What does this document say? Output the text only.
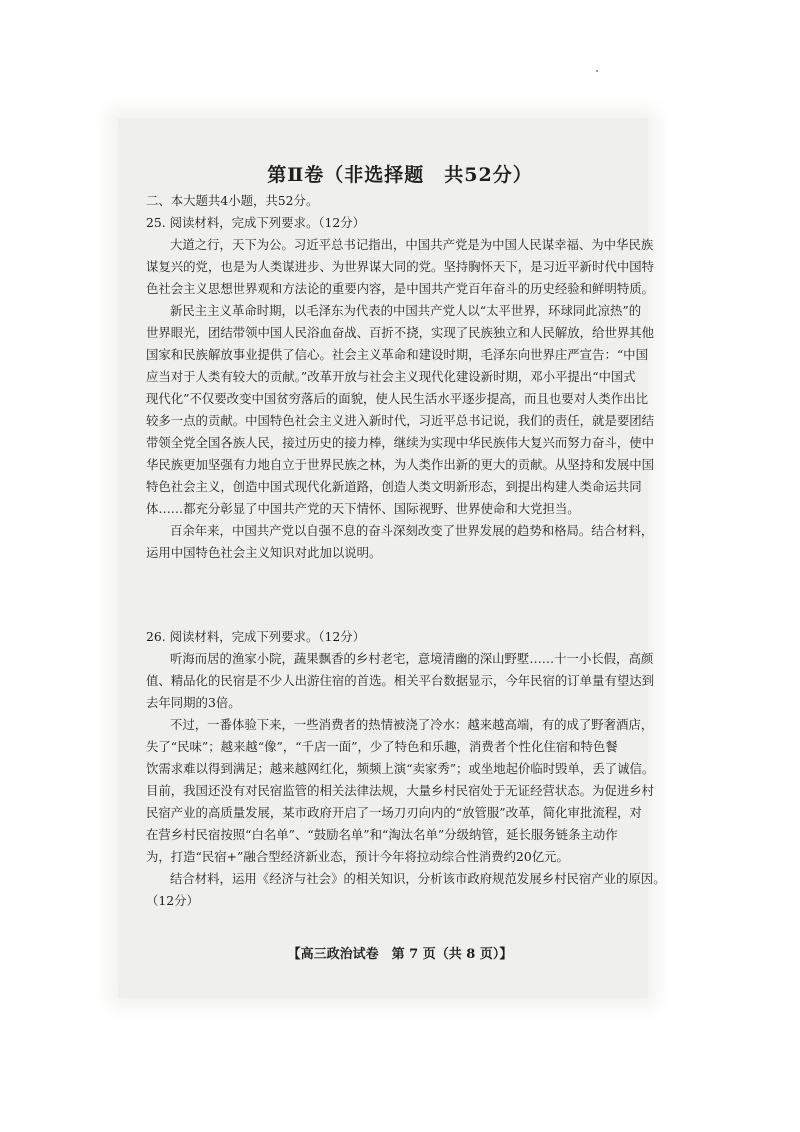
第Ⅱ卷（非选择题　共52分）
二、本大题共4小题，共52分。
25. 阅读材料，完成下列要求。（12分）
大道之行，天下为公。习近平总书记指出，中国共产党是为中国人民谋幸福、为中华民族
谋复兴的党，也是为人类谋进步、为世界谋大同的党。坚持胸怀天下，是习近平新时代中国特
色社会主义思想世界观和方法论的重要内容，是中国共产党百年奋斗的历史经验和鲜明特质。
新民主主义革命时期，以毛泽东为代表的中国共产党人以“太平世界，环球同此凉热”的
世界眼光，团结带领中国人民浴血奋战、百折不挠，实现了民族独立和人民解放，给世界其他
国家和民族解放事业提供了信心。社会主义革命和建设时期，毛泽东向世界庄严宣告：“中国
应当对于人类有较大的贡献。”改革开放与社会主义现代化建设新时期，邓小平提出“中国式
现代化”不仅要改变中国贫穷落后的面貌，使人民生活水平逐步提高，而且也要对人类作出比
较多一点的贡献。中国特色社会主义进入新时代，习近平总书记说，我们的责任，就是要团结
带领全党全国各族人民，接过历史的接力棒，继续为实现中华民族伟大复兴而努力奋斗，使中
华民族更加坚强有力地自立于世界民族之林，为人类作出新的更大的贡献。从坚持和发展中国
特色社会主义，创造中国式现代化新道路，创造人类文明新形态，到提出构建人类命运共同
体……都充分彰显了中国共产党的天下情怀、国际视野、世界使命和大党担当。
百余年来，中国共产党以自强不息的奋斗深刻改变了世界发展的趋势和格局。结合材料，
运用中国特色社会主义知识对此加以说明。
26. 阅读材料，完成下列要求。（12分）
听海而居的渔家小院，蔬果飘香的乡村老宅，意境清幽的深山野墅……十一小长假，高颜
值、精品化的民宿是不少人出游住宿的首选。相关平台数据显示，今年民宿的订单量有望达到
去年同期的3倍。
不过，一番体验下来，一些消费者的热情被浇了冷水：越来越高端，有的成了野奢酒店，
失了“民味”；越来越“像”，“千店一面”，少了特色和乐趣，消费者个性化住宿和特色餐
饮需求难以得到满足；越来越网红化，频频上演“卖家秀”；或坐地起价临时毁单，丢了诚信。
目前，我国还没有对民宿监管的相关法律法规，大量乡村民宿处于无证经营状态。为促进乡村
民宿产业的高质量发展，某市政府开启了一场刀刃向内的“放管服”改革，简化审批流程，对
在营乡村民宿按照“白名单”、“鼓励名单”和“淘汰名单”分级纳管，延长服务链条主动作
为，打造“民宿+”融合型经济新业态，预计今年将拉动综合性消费约20亿元。
结合材料，运用《经济与社会》的相关知识，分析该市政府规范发展乡村民宿产业的原因。
（12分）
【高三政治试卷　第 7 页（共 8 页）】
